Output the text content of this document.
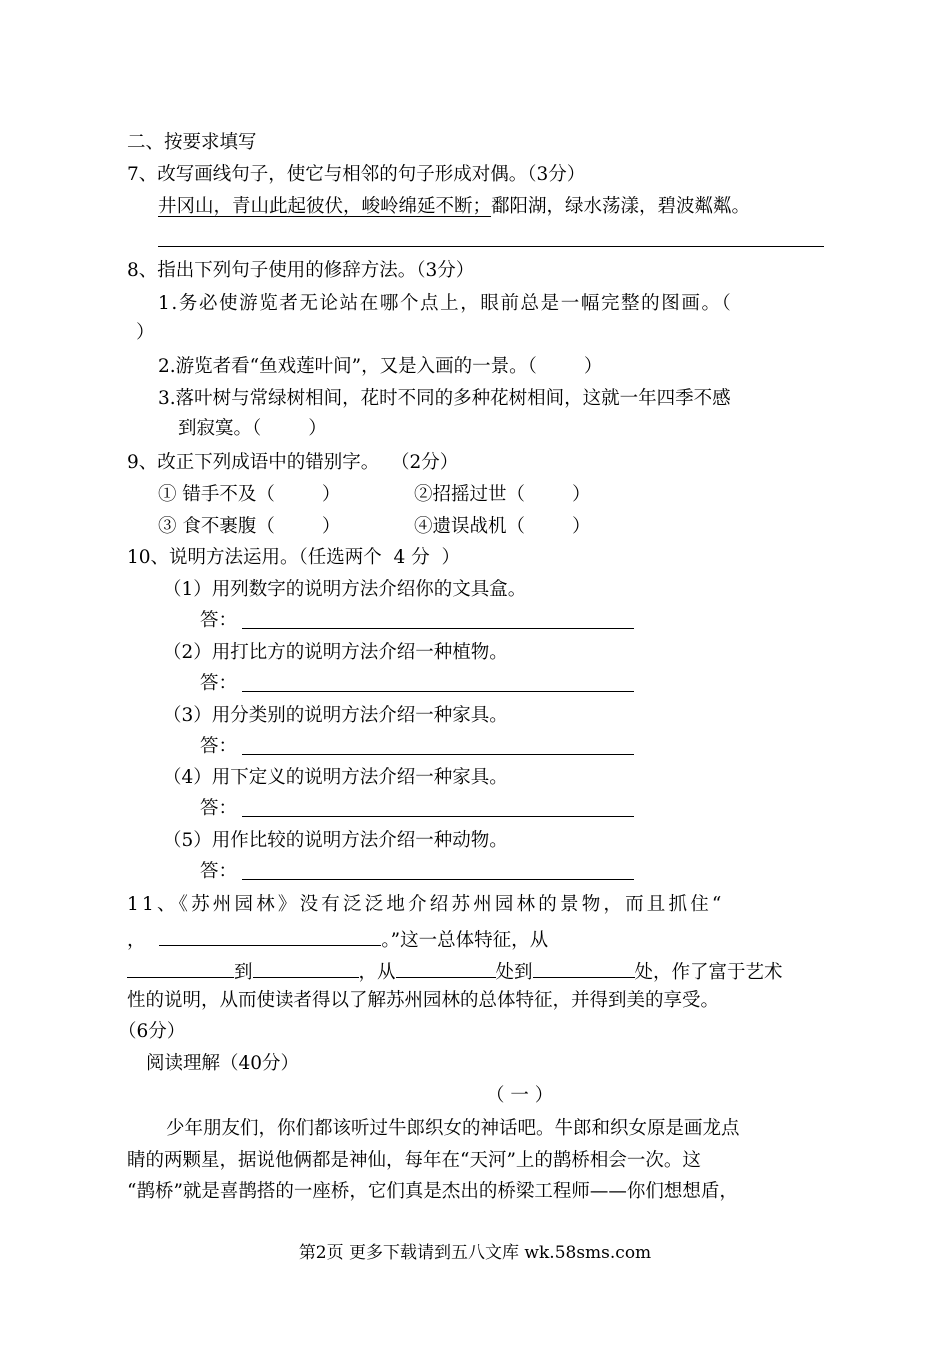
二、按要求填写
7、改写画线句子，使它与相邻的句子形成对偶。（3分）
井冈山，青山此起彼伏，峻岭绵延不断；鄱阳湖，绿水荡漾，碧波粼粼。
8、指出下列句子使用的修辞方法。（3分）
1.务必使游览者无论站在哪个点上，眼前总是一幅完整的图画。（
）
2.游览者看“鱼戏莲叶间”，又是入画的一景。（        ）
3.落叶树与常绿树相间，花时不同的多种花树相间，这就一年四季不感
到寂寞。（        ）
9、改正下列成语中的错别字。  （2分）
① 错手不及（        ）	②招摇过世（        ）
③ 食不裹腹（        ）	④遗误战机（        ）
10、说明方法运用。（任选两个  4 分  ）
（1）用列数字的说明方法介绍你的文具盒。
答：
（2）用打比方的说明方法介绍一种植物。
答：
（3）用分类别的说明方法介绍一种家具。
答：
（4）用下定义的说明方法介绍一种家具。
答：
（5）用作比较的说明方法介绍一种动物。
答：
11、《苏州园林》没有泛泛地介绍苏州园林的景物，而且抓住“
，	。”这一总体特征，从
到	，从	处到	处，作了富于艺术
性的说明，从而使读者得以了解苏州园林的总体特征，并得到美的享受。
（6分）
阅读理解（40分）
（ 一 ）
少年朋友们，你们都该听过牛郎织女的神话吧。牛郎和织女原是画龙点
睛的两颗星，据说他俩都是神仙，每年在“天河”上的鹊桥相会一次。这
“鹊桥”就是喜鹊搭的一座桥，它们真是杰出的桥梁工程师——你们想想盾，
第2页 更多下载请到五八文库 wk.58sms.com
